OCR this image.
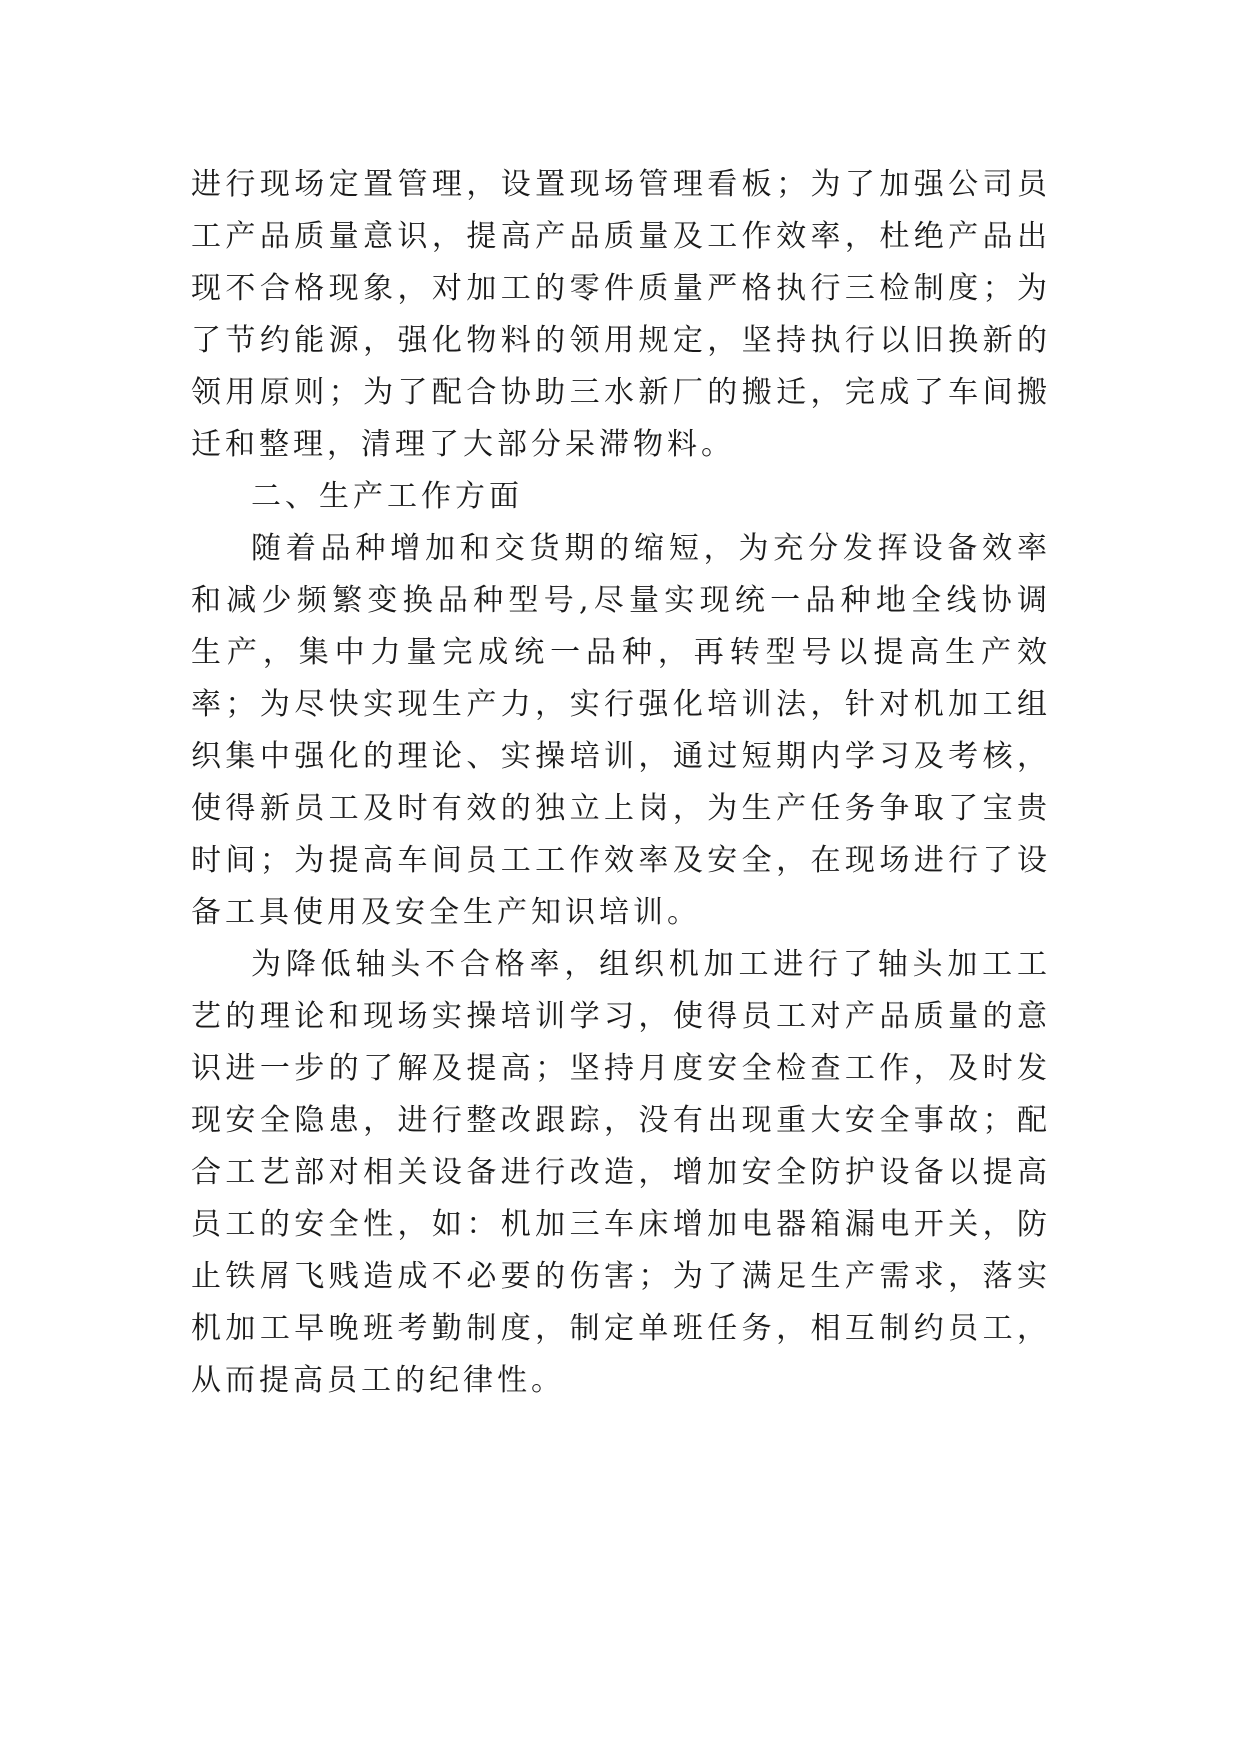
进行现场定置管理，设置现场管理看板；为了加强公司员工产品质量意识，提高产品质量及工作效率，杜绝产品出现不合格现象，对加工的零件质量严格执行三检制度；为了节约能源，强化物料的领用规定，坚持执行以旧换新的领用原则；为了配合协助三水新厂的搬迁，完成了车间搬迁和整理，清理了大部分呆滞物料。

二、生产工作方面

随着品种增加和交货期的缩短，为充分发挥设备效率和减少频繁变换品种型号,尽量实现统一品种地全线协调生产，集中力量完成统一品种，再转型号以提高生产效率；为尽快实现生产力，实行强化培训法，针对机加工组织集中强化的理论、实操培训，通过短期内学习及考核，使得新员工及时有效的独立上岗，为生产任务争取了宝贵时间；为提高车间员工工作效率及安全，在现场进行了设备工具使用及安全生产知识培训。

为降低轴头不合格率，组织机加工进行了轴头加工工艺的理论和现场实操培训学习，使得员工对产品质量的意识进一步的了解及提高；坚持月度安全检查工作，及时发现安全隐患，进行整改跟踪，没有出现重大安全事故；配合工艺部对相关设备进行改造，增加安全防护设备以提高员工的安全性，如：机加三车床增加电器箱漏电开关，防止铁屑飞贱造成不必要的伤害；为了满足生产需求，落实机加工早晚班考勤制度，制定单班任务，相互制约员工，从而提高员工的纪律性。
